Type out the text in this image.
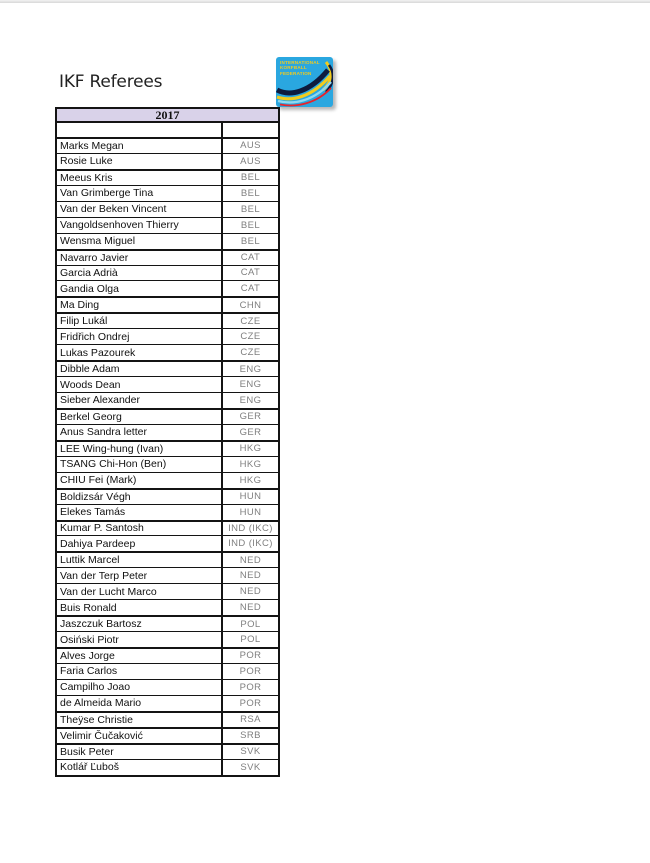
IKF Referees
INTERNATIONAL
KORFBALL
FEDERATION
2017
Marks Megan	AUS
Rosie Luke	AUS
Meeus Kris	BEL
Van Grimberge Tina	BEL
Van der Beken Vincent	BEL
Vangoldsenhoven Thierry	BEL
Wensma Miguel	BEL
Navarro Javier	CAT
Garcia Adrià	CAT
Gandia Olga	CAT
Ma Ding	CHN
Filip Lukál	CZE
Fridřich Ondrej	CZE
Lukas Pazourek	CZE
Dibble Adam	ENG
Woods Dean	ENG
Sieber Alexander	ENG
Berkel Georg	GER
Anus Sandra letter	GER
LEE Wing-hung (Ivan)	HKG
TSANG Chi-Hon (Ben)	HKG
CHIU Fei (Mark)	HKG
Boldizsár Végh	HUN
Elekes Tamás	HUN
Kumar P. Santosh	IND (IKC)
Dahiya Pardeep	IND (IKC)
Luttik Marcel	NED
Van der Terp Peter	NED
Van der Lucht Marco	NED
Buis Ronald	NED
Jaszczuk Bartosz	POL
Osiński Piotr	POL
Alves Jorge	POR
Faria Carlos	POR
Campilho Joao	POR
de Almeida Mario	POR
Theÿse Christie	RSA
Velimir Čučaković	SRB
Busik Peter	SVK
Kotlář Ľuboš	SVK
